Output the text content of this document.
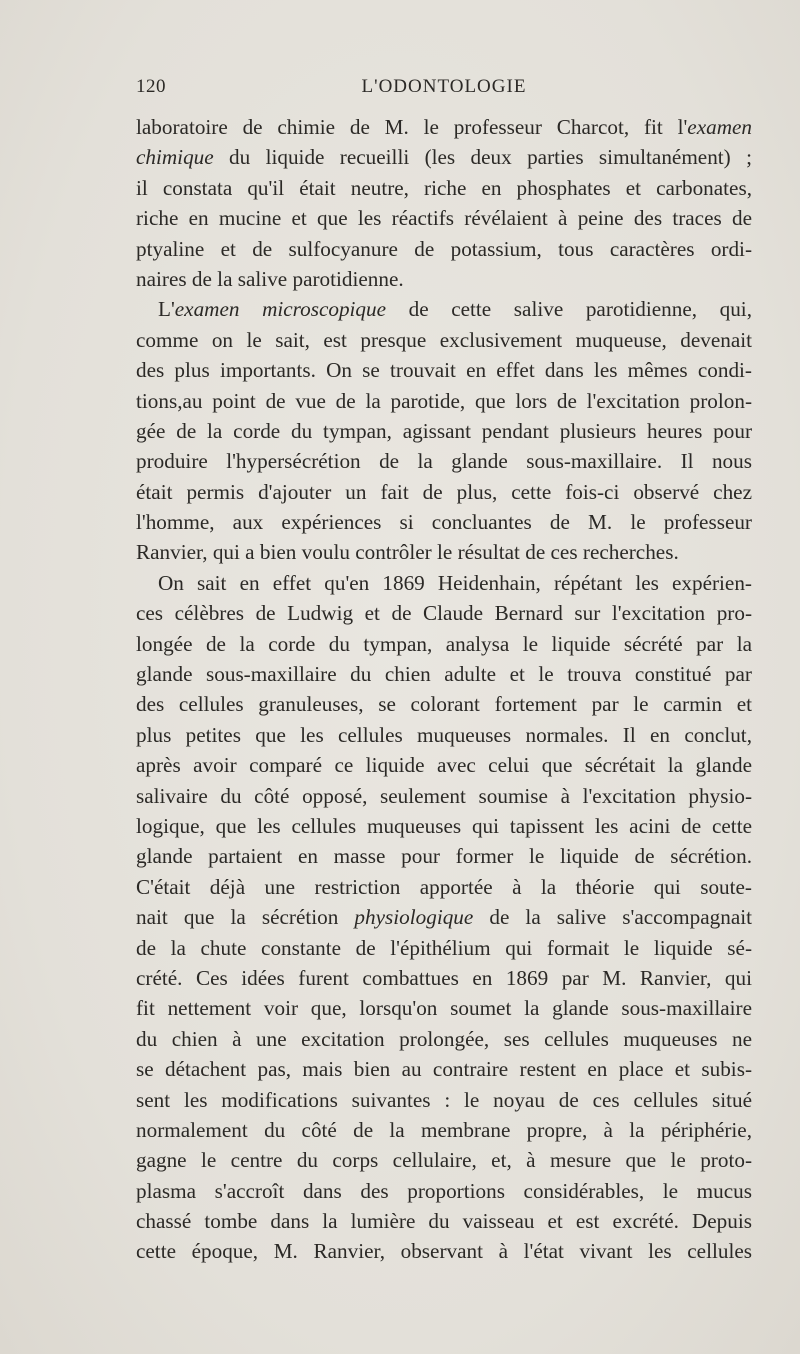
120	L'ODONTOLOGIE
laboratoire de chimie de M. le professeur Charcot, fit l'examen
chimique du liquide recueilli (les deux parties simultanément) ;
il constata qu'il était neutre, riche en phosphates et carbonates,
riche en mucine et que les réactifs révélaient à peine des traces de
ptyaline et de sulfocyanure de potassium, tous caractères ordi-
naires de la salive parotidienne.
L'examen microscopique de cette salive parotidienne, qui,
comme on le sait, est presque exclusivement muqueuse, devenait
des plus importants. On se trouvait en effet dans les mêmes condi-
tions,au point de vue de la parotide, que lors de l'excitation prolon-
gée de la corde du tympan, agissant pendant plusieurs heures pour
produire l'hypersécrétion de la glande sous-maxillaire. Il nous
était permis d'ajouter un fait de plus, cette fois-ci observé chez
l'homme, aux expériences si concluantes de M. le professeur
Ranvier, qui a bien voulu contrôler le résultat de ces recherches.
On sait en effet qu'en 1869 Heidenhain, répétant les expérien-
ces célèbres de Ludwig et de Claude Bernard sur l'excitation pro-
longée de la corde du tympan, analysa le liquide sécrété par la
glande sous-maxillaire du chien adulte et le trouva constitué par
des cellules granuleuses, se colorant fortement par le carmin et
plus petites que les cellules muqueuses normales. Il en conclut,
après avoir comparé ce liquide avec celui que sécrétait la glande
salivaire du côté opposé, seulement soumise à l'excitation physio-
logique, que les cellules muqueuses qui tapissent les acini de cette
glande partaient en masse pour former le liquide de sécrétion.
C'était déjà une restriction apportée à la théorie qui soute-
nait que la sécrétion physiologique de la salive s'accompagnait
de la chute constante de l'épithélium qui formait le liquide sé-
crété. Ces idées furent combattues en 1869 par M. Ranvier, qui
fit nettement voir que, lorsqu'on soumet la glande sous-maxillaire
du chien à une excitation prolongée, ses cellules muqueuses ne
se détachent pas, mais bien au contraire restent en place et subis-
sent les modifications suivantes : le noyau de ces cellules situé
normalement du côté de la membrane propre, à la périphérie,
gagne le centre du corps cellulaire, et, à mesure que le proto-
plasma s'accroît dans des proportions considérables, le mucus
chassé tombe dans la lumière du vaisseau et est excrété. Depuis
cette époque, M. Ranvier, observant à l'état vivant les cellules
